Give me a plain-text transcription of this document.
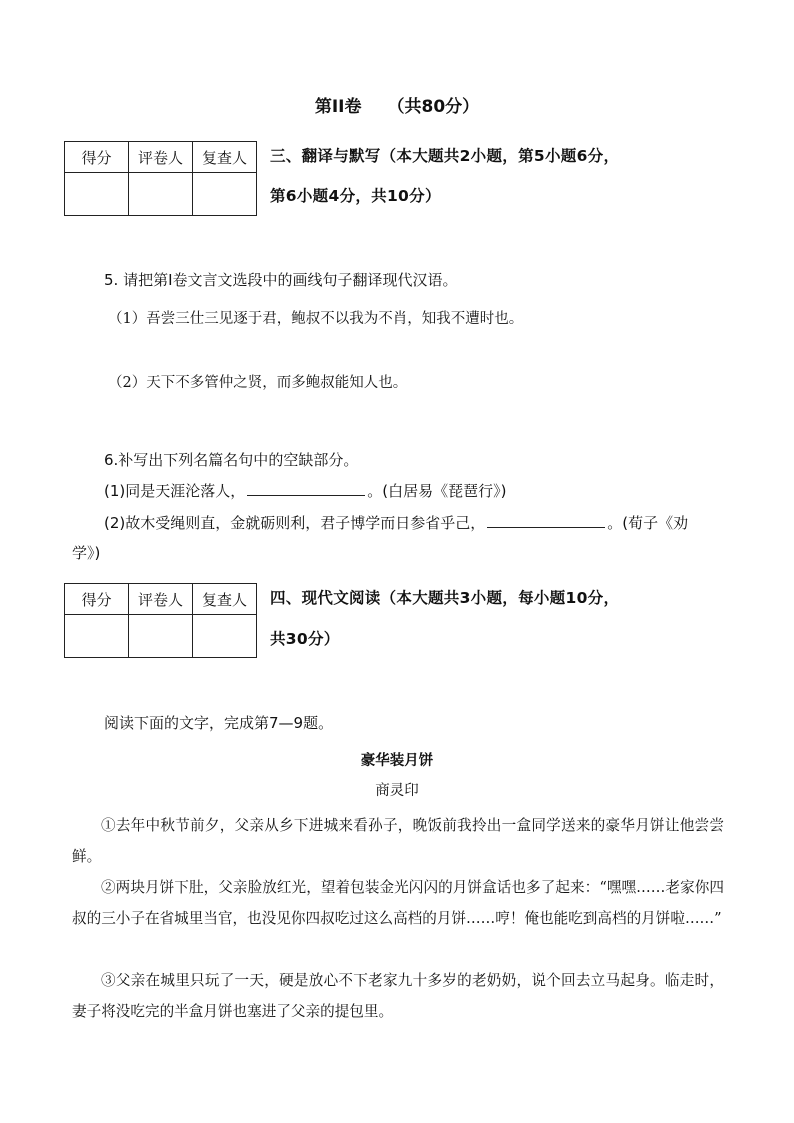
第II卷 （共80分）
得分	评卷人	复查人
		三、翻译与默写（本大题共2小题，第5小题6分，
第6小题4分，共10分）
5. 请把第I卷文言文选段中的画线句子翻译现代汉语。
（1）吾尝三仕三见逐于君，鲍叔不以我为不肖，知我不遭时也。
（2）天下不多管仲之贤，而多鲍叔能知人也。
6.补写出下列名篇名句中的空缺部分。
(1)同是天涯沦落人，	。(白居易《琵琶行》)
(2)故木受绳则直，金就砺则利，君子博学而日参省乎己，	。(荀子《劝
学》)
得分	评卷人	复查人
		四、现代文阅读（本大题共3小题，每小题10分，
共30分）
阅读下面的文字，完成第7—9题。
豪华装月饼
商灵印
①去年中秋节前夕，父亲从乡下进城来看孙子，晚饭前我拎出一盒同学送来的豪华月饼让他尝尝鲜。
②两块月饼下肚，父亲脸放红光，望着包装金光闪闪的月饼盒话也多了起来：“嘿嘿……老家你四叔的三小子在省城里当官，也没见你四叔吃过这么高档的月饼……哼！俺也能吃到高档的月饼啦……”
③父亲在城里只玩了一天，硬是放心不下老家九十多岁的老奶奶，说个回去立马起身。临走时，妻子将没吃完的半盒月饼也塞进了父亲的提包里。
